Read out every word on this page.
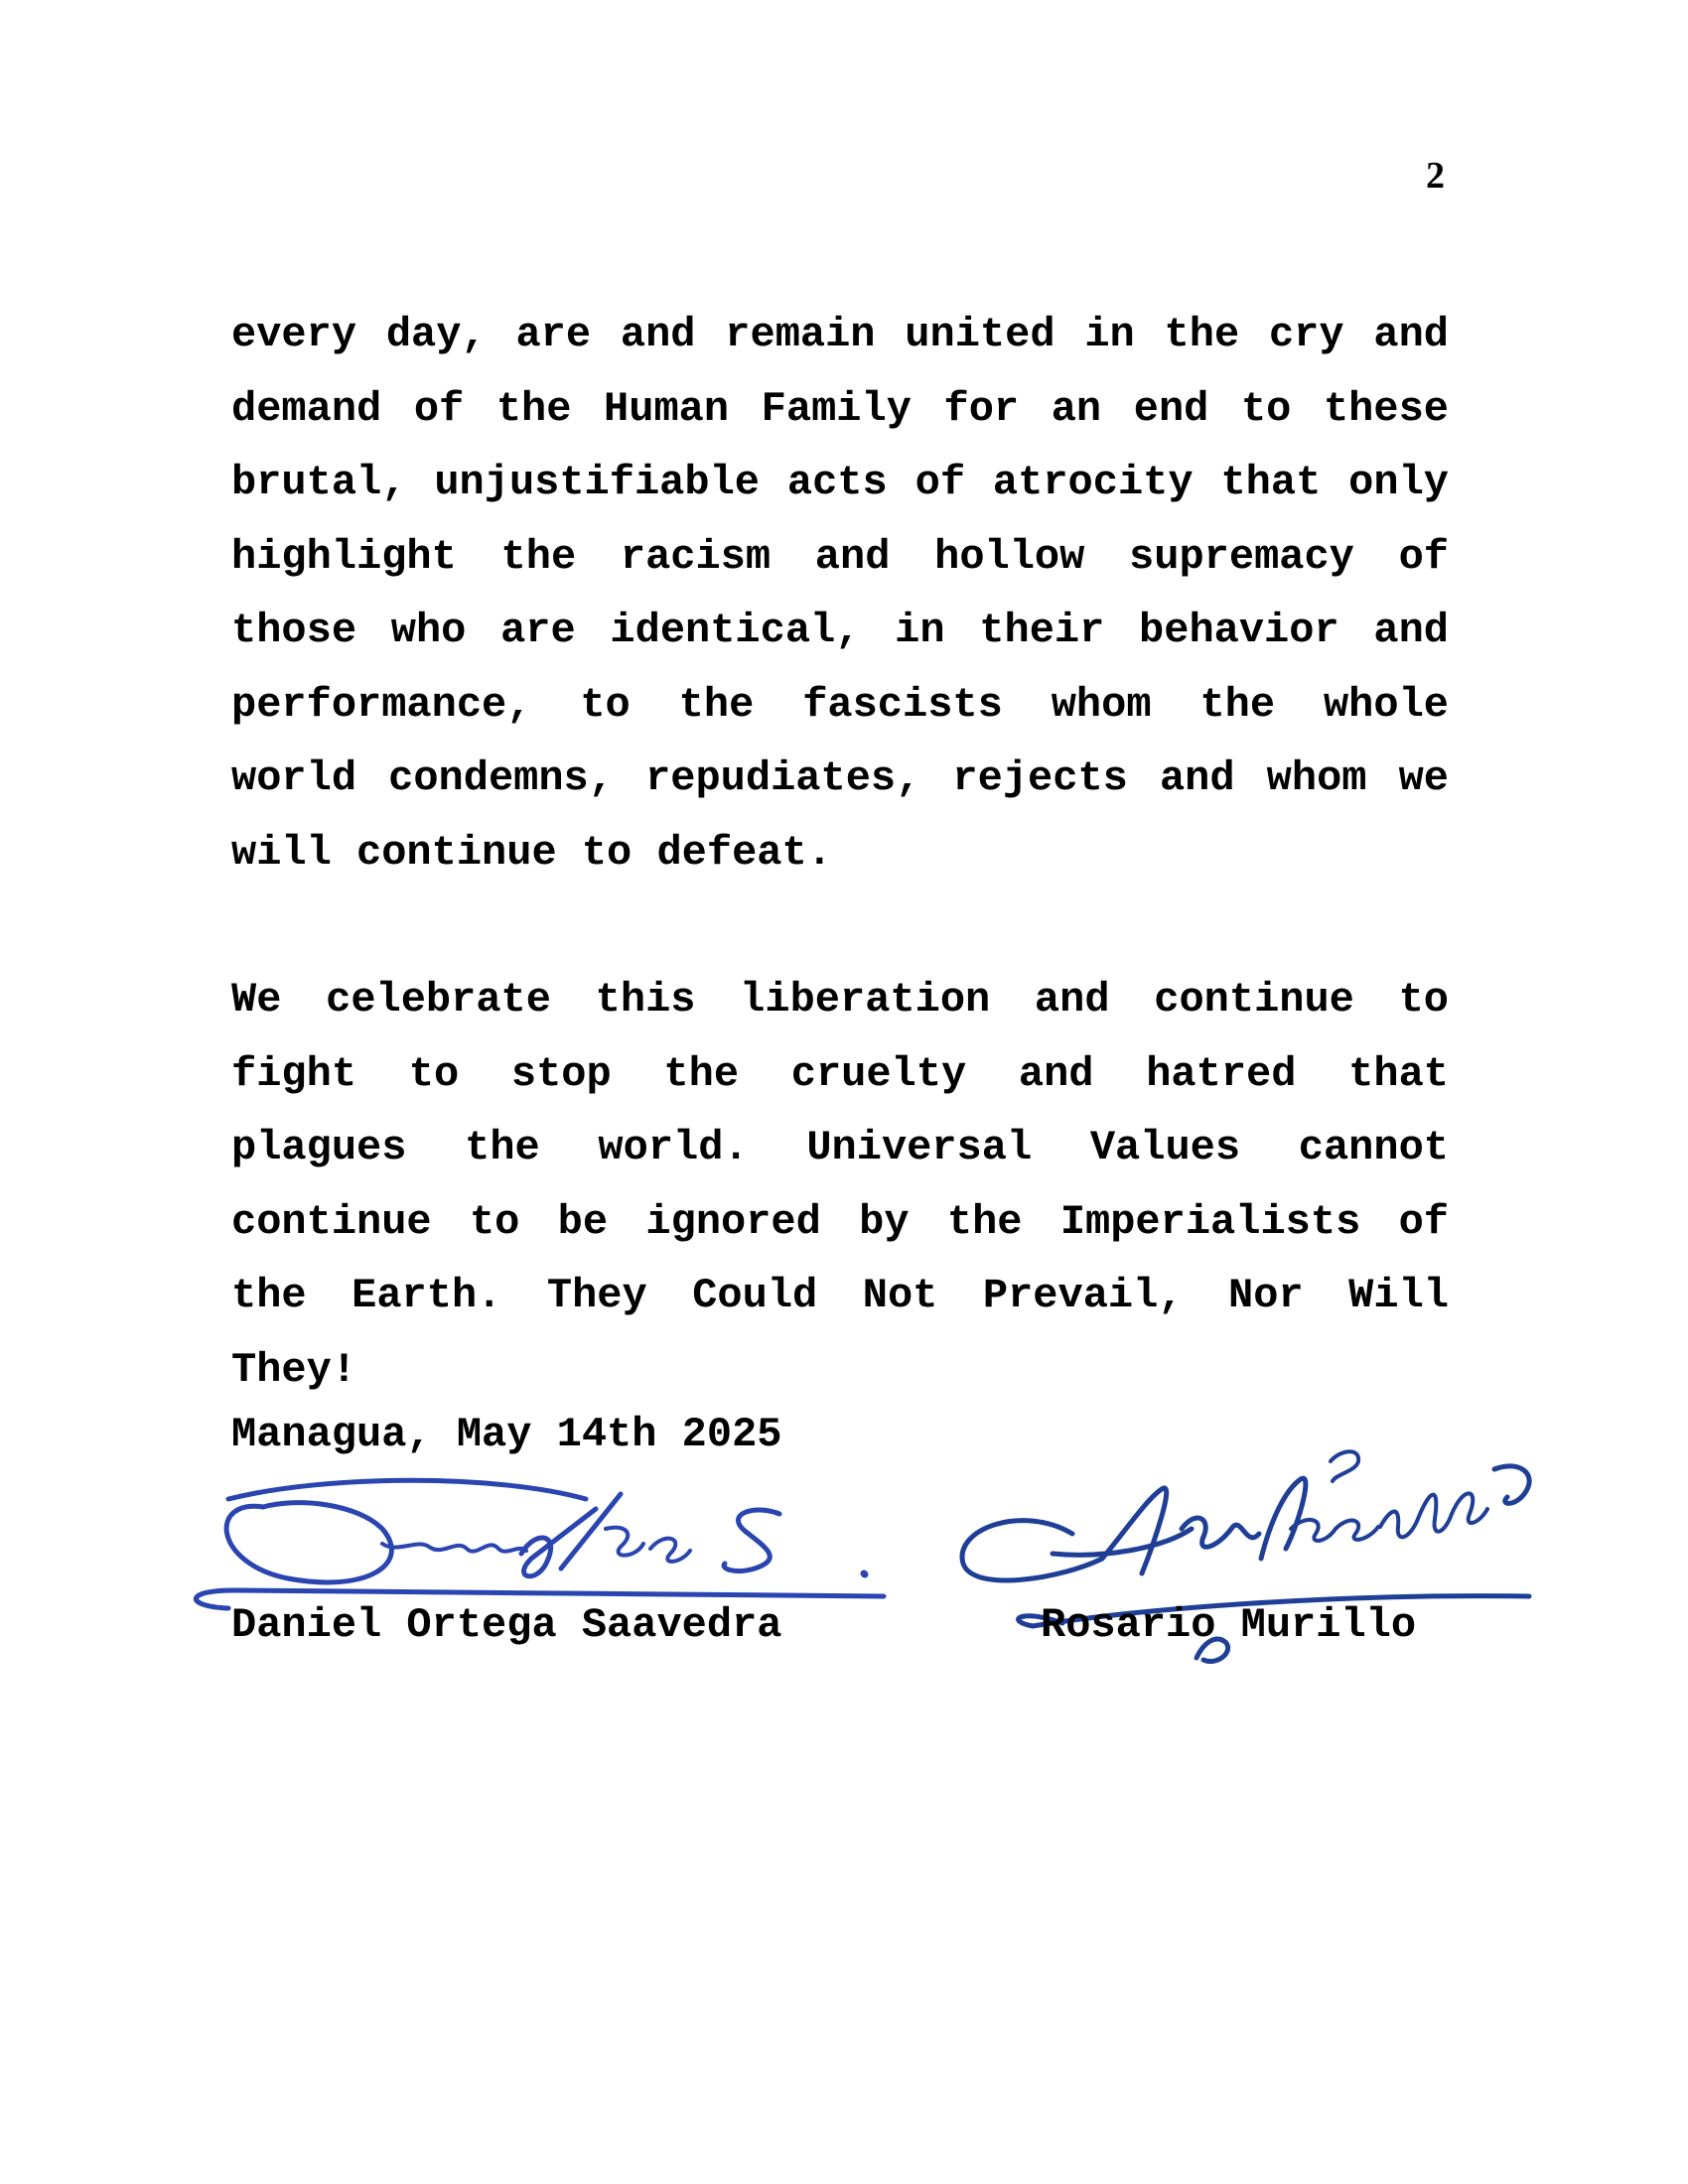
2

every day, are and remain united in the cry and demand of the Human Family for an end to these brutal, unjustifiable acts of atrocity that only highlight the racism and hollow supremacy of those who are identical, in their behavior and performance, to the fascists whom the whole world condemns, repudiates, rejects and whom we will continue to defeat.

We celebrate this liberation and continue to fight to stop the cruelty and hatred that plagues the world. Universal Values cannot continue to be ignored by the Imperialists of the Earth. They Could Not Prevail, Nor Will They!

Managua, May 14th 2025
Daniel Ortega Saavedra	Rosario Murillo
